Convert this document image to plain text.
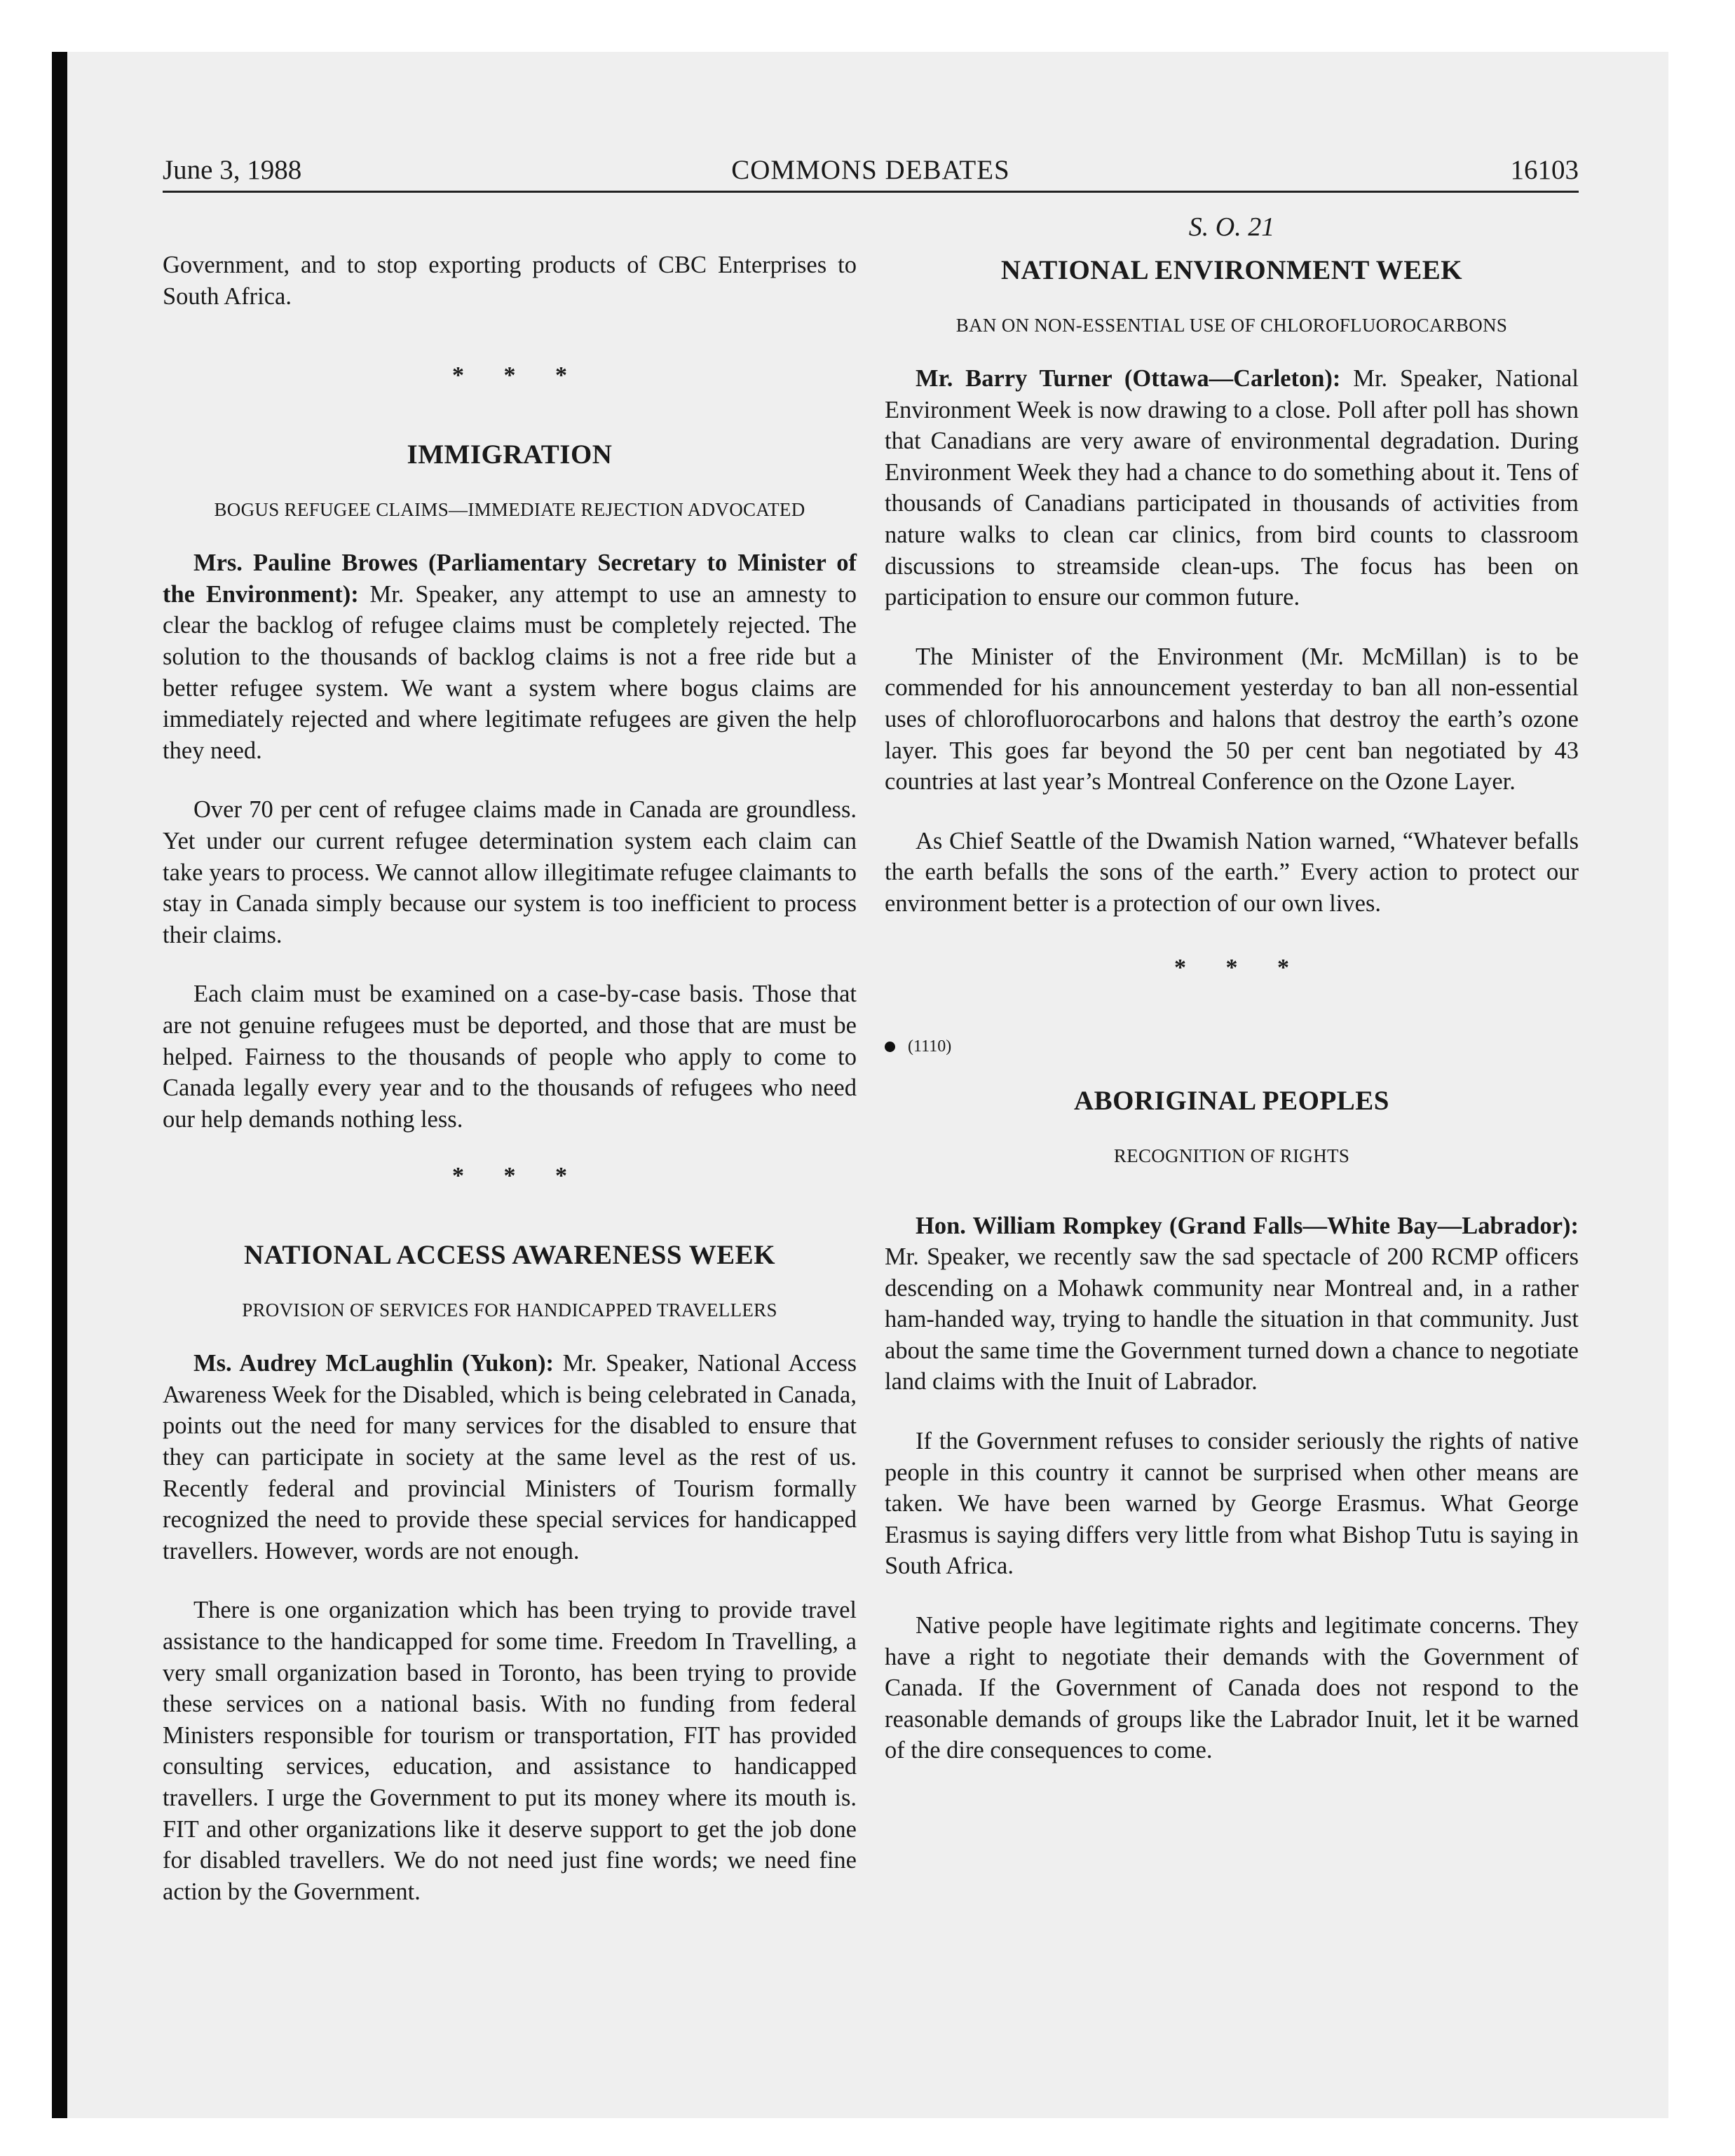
June 3, 1988	COMMONS DEBATES	16103

Government, and to stop exporting products of CBC Enterprises to South Africa.

* * *
IMMIGRATION
BOGUS REFUGEE CLAIMS—IMMEDIATE REJECTION ADVOCATED

Mrs. Pauline Browes (Parliamentary Secretary to Minister of the Environment): Mr. Speaker, any attempt to use an amnesty to clear the backlog of refugee claims must be completely rejected. The solution to the thousands of backlog claims is not a free ride but a better refugee system. We want a system where bogus claims are immediately rejected and where legitimate refugees are given the help they need.

Over 70 per cent of refugee claims made in Canada are groundless. Yet under our current refugee determination system each claim can take years to process. We cannot allow illegitimate refugee claimants to stay in Canada simply because our system is too inefficient to process their claims.

Each claim must be examined on a case-by-case basis. Those that are not genuine refugees must be deported, and those that are must be helped. Fairness to the thousands of people who apply to come to Canada legally every year and to the thousands of refugees who need our help demands nothing less.

* * *
NATIONAL ACCESS AWARENESS WEEK
PROVISION OF SERVICES FOR HANDICAPPED TRAVELLERS

Ms. Audrey McLaughlin (Yukon): Mr. Speaker, National Access Awareness Week for the Disabled, which is being celebrated in Canada, points out the need for many services for the disabled to ensure that they can participate in society at the same level as the rest of us. Recently federal and provincial Ministers of Tourism formally recognized the need to provide these special services for handicapped travellers. However, words are not enough.

There is one organization which has been trying to provide travel assistance to the handicapped for some time. Freedom In Travelling, a very small organization based in Toronto, has been trying to provide these services on a national basis. With no funding from federal Ministers responsible for tourism or transportation, FIT has provided consulting services, education, and assistance to handicapped travellers. I urge the Government to put its money where its mouth is. FIT and other organizations like it deserve support to get the job done for disabled travellers. We do not need just fine words; we need fine action by the Government.

S. O. 21
NATIONAL ENVIRONMENT WEEK
BAN ON NON-ESSENTIAL USE OF CHLOROFLUOROCARBONS

Mr. Barry Turner (Ottawa—Carleton): Mr. Speaker, National Environment Week is now drawing to a close. Poll after poll has shown that Canadians are very aware of environmental degradation. During Environment Week they had a chance to do something about it. Tens of thousands of Canadians participated in thousands of activities from nature walks to clean car clinics, from bird counts to classroom discussions to streamside clean-ups. The focus has been on participation to ensure our common future.

The Minister of the Environment (Mr. McMillan) is to be commended for his announcement yesterday to ban all non-essential uses of chlorofluorocarbons and halons that destroy the earth’s ozone layer. This goes far beyond the 50 per cent ban negotiated by 43 countries at last year’s Montreal Conference on the Ozone Layer.

As Chief Seattle of the Dwamish Nation warned, “Whatever befalls the earth befalls the sons of the earth.” Every action to protect our environment better is a protection of our own lives.

* * *
(1110)
ABORIGINAL PEOPLES
RECOGNITION OF RIGHTS

Hon. William Rompkey (Grand Falls—White Bay—Labrador): Mr. Speaker, we recently saw the sad spectacle of 200 RCMP officers descending on a Mohawk community near Montreal and, in a rather ham-handed way, trying to handle the situation in that community. Just about the same time the Government turned down a chance to negotiate land claims with the Inuit of Labrador.

If the Government refuses to consider seriously the rights of native people in this country it cannot be surprised when other means are taken. We have been warned by George Erasmus. What George Erasmus is saying differs very little from what Bishop Tutu is saying in South Africa.

Native people have legitimate rights and legitimate concerns. They have a right to negotiate their demands with the Government of Canada. If the Government of Canada does not respond to the reasonable demands of groups like the Labrador Inuit, let it be warned of the dire consequences to come.
